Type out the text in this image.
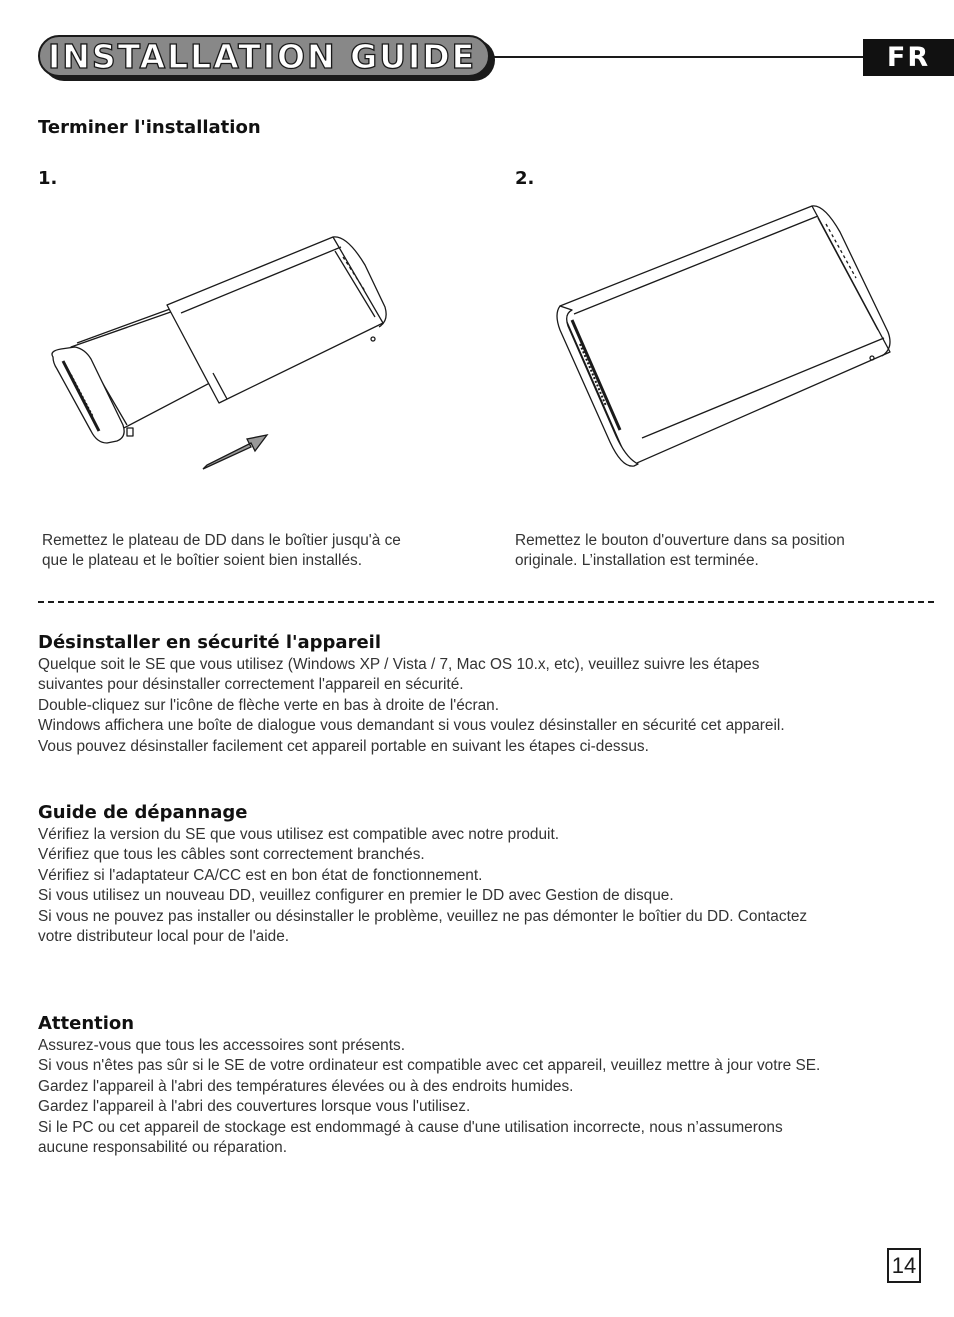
INSTALLATION GUIDE	FR
Terminer l'installation
1.	2.
Remettez le plateau de DD dans le boîtier jusqu'à ce
que le plateau et le boîtier soient bien installés.
Remettez le bouton d'ouverture dans sa position
originale. L’installation est terminée.
Désinstaller en sécurité l'appareil
Quelque soit le SE que vous utilisez (Windows XP / Vista / 7, Mac OS 10.x, etc), veuillez suivre les étapes
suivantes pour désinstaller correctement l'appareil en sécurité.
Double-cliquez sur l'icône de flèche verte en bas à droite de l'écran.
Windows affichera une boîte de dialogue vous demandant si vous voulez désinstaller en sécurité cet appareil.
Vous pouvez désinstaller facilement cet appareil portable en suivant les étapes ci-dessus.
Guide de dépannage
Vérifiez la version du SE que vous utilisez est compatible avec notre produit.
Vérifiez que tous les câbles sont correctement branchés.
Vérifiez si l'adaptateur CA/CC est en bon état de fonctionnement.
Si vous utilisez un nouveau DD, veuillez configurer en premier le DD avec Gestion de disque.
Si vous ne pouvez pas installer ou désinstaller le problème, veuillez ne pas démonter le boîtier du DD. Contactez
votre distributeur local pour de l'aide.
Attention
Assurez-vous que tous les accessoires sont présents.
Si vous n'êtes pas sûr si le SE de votre ordinateur est compatible avec cet appareil, veuillez mettre à jour votre SE.
Gardez l'appareil à l'abri des températures élevées ou à des endroits humides.
Gardez l'appareil à l'abri des couvertures lorsque vous l'utilisez.
Si le PC ou cet appareil de stockage est endommagé à cause d'une utilisation incorrecte, nous n’assumerons
aucune responsabilité ou réparation.
14
